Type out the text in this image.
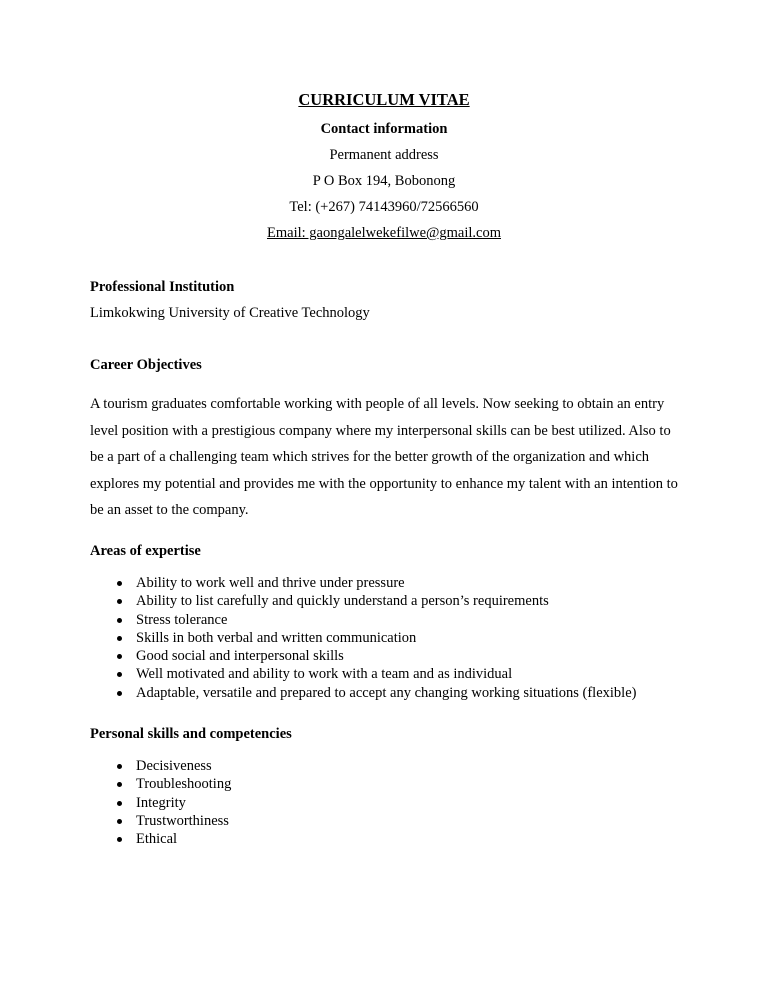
CURRICULUM VITAE
Contact information
Permanent address
P O Box 194, Bobonong
Tel: (+267) 74143960/72566560
Email: gaongalelwekefilwe@gmail.com
Professional Institution
Limkokwing University of Creative Technology
Career Objectives

A tourism graduates comfortable working with people of all levels. Now seeking to obtain an entry level position with a prestigious company where my interpersonal skills can be best utilized. Also to be a part of a challenging team which strives for the better growth of the organization and which explores my potential and provides me with the opportunity to enhance my talent with an intention to be an asset to the company.

Areas of expertise
Ability to work well and thrive under pressure
Ability to list carefully and quickly understand a person’s requirements
Stress tolerance
Skills in both verbal and written communication
Good social and interpersonal skills
Well motivated and ability to work with a team and as individual
Adaptable, versatile and prepared to accept any changing working situations (flexible)
Personal skills and competencies
Decisiveness
Troubleshooting
Integrity
Trustworthiness
Ethical
